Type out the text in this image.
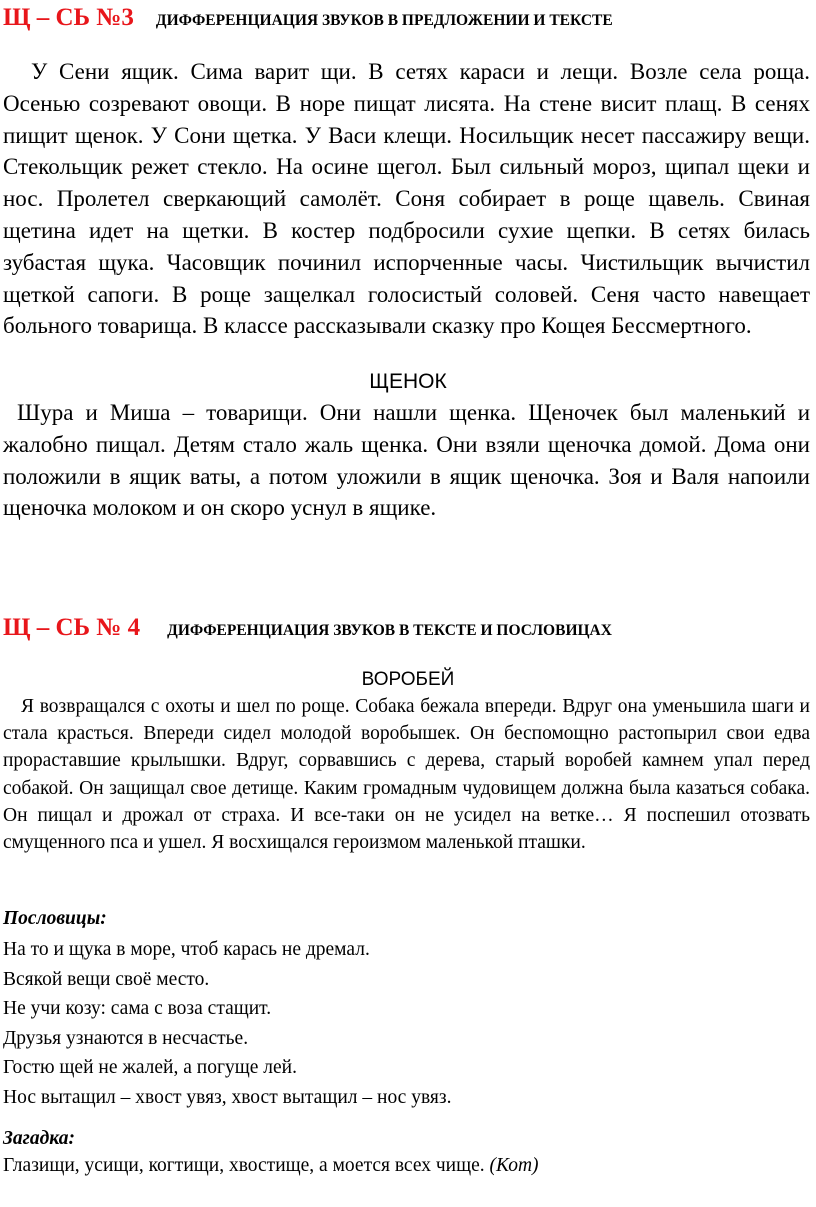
Щ – СЬ №3 ДИФФЕРЕНЦИАЦИЯ ЗВУКОВ В ПРЕДЛОЖЕНИИ И ТЕКСТЕ

У Сени ящик. Сима варит щи. В сетях караси и лещи. Возле села роща. Осенью созревают овощи. В норе пищат лисята. На стене висит плащ. В сенях пищит щенок. У Сони щетка. У Васи клещи. Носильщик несет пассажиру вещи. Стекольщик режет стекло. На осине щегол. Был сильный мороз, щипал щеки и нос. Пролетел сверкающий самолёт. Соня собирает в роще щавель. Свиная щетина идет на щетки. В костер подбросили сухие щепки. В сетях билась зубастая щука. Часовщик починил испорченные часы. Чистильщик вычистил щеткой сапоги. В роще защелкал голосистый соловей. Сеня часто навещает больного товарища. В классе рассказывали сказку про Кощея Бессмертного.

ЩЕНОК

Шура и Миша – товарищи. Они нашли щенка. Щеночек был маленький и жалобно пищал. Детям стало жаль щенка. Они взяли щеночка домой. Дома они положили в ящик ваты, а потом уложили в ящик щеночка. Зоя и Валя напоили щеночка молоком и он скоро уснул в ящике.

Щ – СЬ № 4 ДИФФЕРЕНЦИАЦИЯ ЗВУКОВ В ТЕКСТЕ И ПОСЛОВИЦАХ

ВОРОБЕЙ

Я возвращался с охоты и шел по роще. Собака бежала впереди. Вдруг она уменьшила шаги и стала красться. Впереди сидел молодой воробышек. Он беспомощно растопырил свои едва прораставшие крылышки. Вдруг, сорвавшись с дерева, старый воробей камнем упал перед собакой. Он защищал свое детище. Каким громадным чудовищем должна была казаться собака. Он пищал и дрожал от страха. И все-таки он не усидел на ветке… Я поспешил отозвать смущенного пса и ушел. Я восхищался героизмом маленькой пташки.

Пословицы:

На то и щука в море, чтоб карась не дремал.
Всякой вещи своё место.
Не учи козу: сама с воза стащит.
Друзья узнаются в несчастье.
Гостю щей не жалей, а погуще лей.
Нос вытащил – хвост увяз, хвост вытащил – нос увяз.

Загадка:

Глазищи, усищи, когтищи, хвостище, а моется всех чище. (Кот)
